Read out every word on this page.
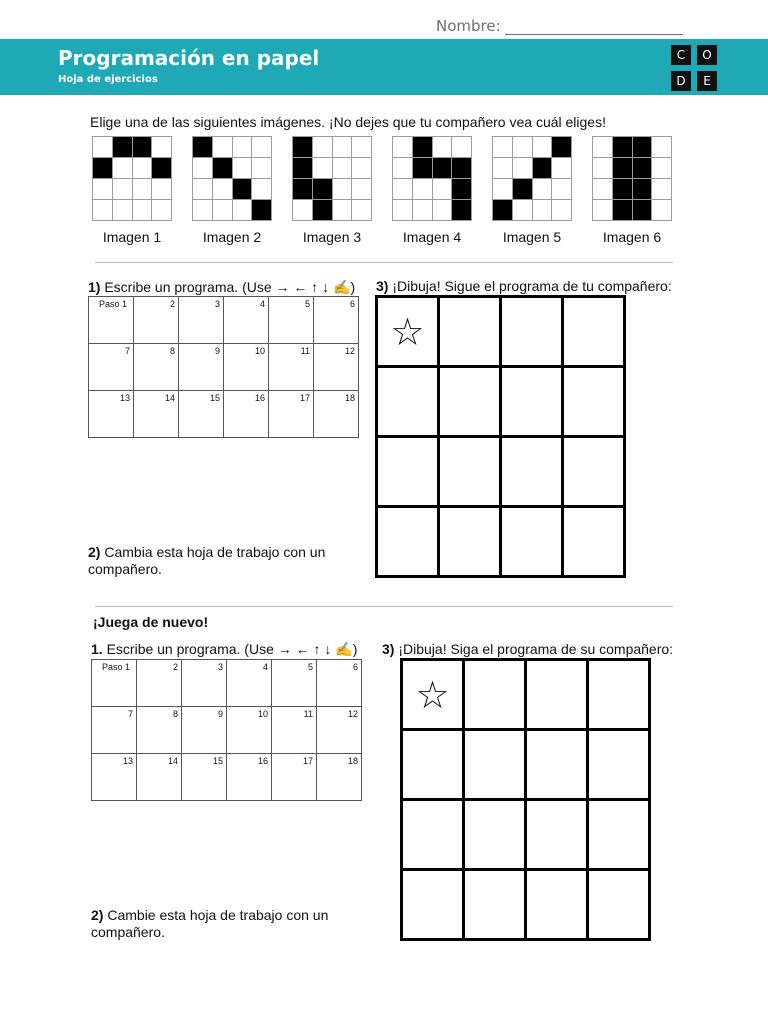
Nombre:
Programación en papel
Hoja de ejercicios
C	O
D	E
Elige una de las siguientes imágenes. ¡No dejes que tu compañero vea cuál eliges!

Imagen 1

				Imagen 2

				Imagen 3

				Imagen 4

				Imagen 5

				Imagen 6
1) Escribe un programa. (Use → ← ↑ ↓ ✍) 3) ¡Dibuja! Sigue el programa de tu compañero:
Paso 1	2	3	4	5	6
7	8	9	10	11	12
13	14	15	16	17	18
☆			

2) Cambia esta hoja de trabajo con un compañero.
¡Juega de nuevo!
1. Escribe un programa. (Use → ← ↑ ↓ ✍) 3) ¡Dibuja! Siga el programa de su compañero:
Paso 1	2	3	4	5	6
7	8	9	10	11	12
13	14	15	16	17	18
☆			

2) Cambie esta hoja de trabajo con un compañero.
